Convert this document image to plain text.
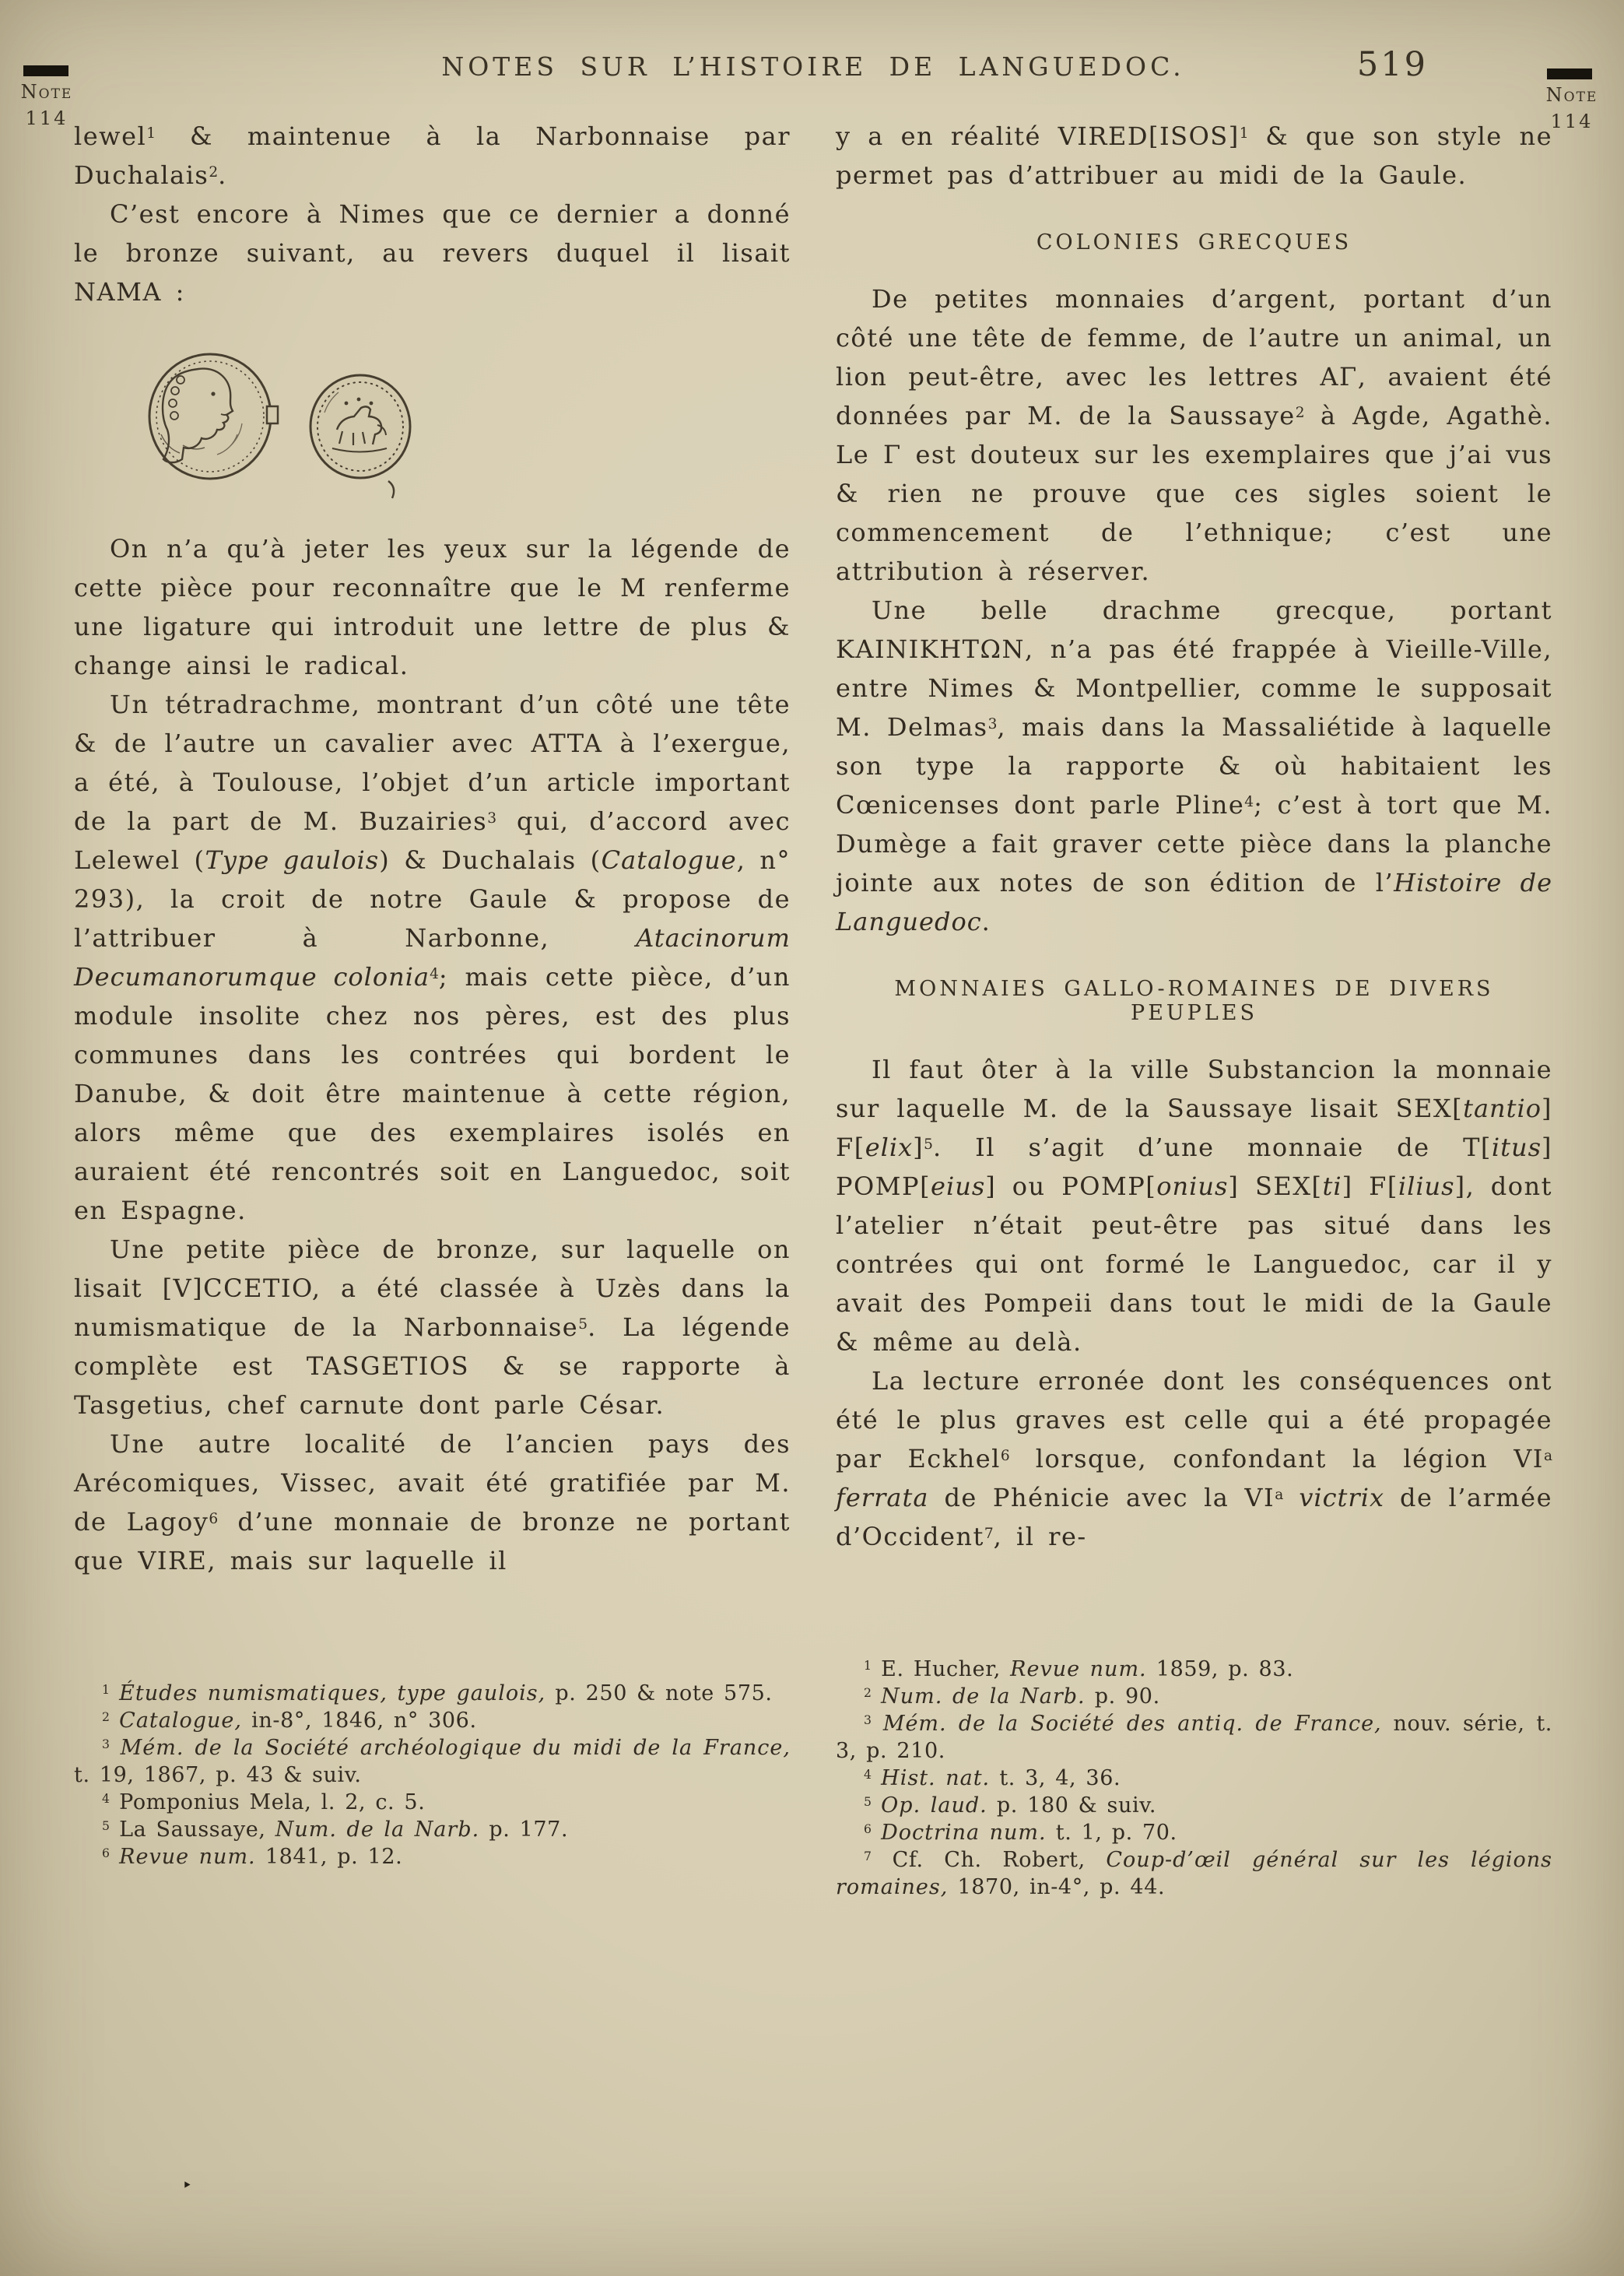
Note
114
Note
114
NOTES SUR L’HISTOIRE DE LANGUEDOC.	519

lewel$^1$ & maintenue à la Narbonnaise par Duchalais$^2$.

C’est encore à Nimes que ce dernier a donné le bronze suivant, au revers duquel il lisait NAMA :

On n’a qu’à jeter les yeux sur la légende de cette pièce pour reconnaître que le M renferme une ligature qui introduit une lettre de plus & change ainsi le radical.

Un tétradrachme, montrant d’un côté une tête & de l’autre un cavalier avec ATTA à l’exergue, a été, à Toulouse, l’objet d’un article important de la part de M. Buzairies$^3$ qui, d’accord avec Lelewel (Type gaulois) & Duchalais (Catalogue, n° 293), la croit de notre Gaule & propose de l’attribuer à Narbonne, Atacinorum Decumanorumque colonia$^4$; mais cette pièce, d’un module insolite chez nos pères, est des plus communes dans les contrées qui bordent le Danube, & doit être maintenue à cette région, alors même que des exemplaires isolés en auraient été rencontrés soit en Languedoc, soit en Espagne.

Une petite pièce de bronze, sur laquelle on lisait [V]CCETIO, a été classée à Uzès dans la numismatique de la Narbonnaise$^5$. La légende complète est TASGETIOS & se rapporte à Tasgetius, chef carnute dont parle César.

Une autre localité de l’ancien pays des Arécomiques, Vissec, avait été gratifiée par M. de Lagoy$^6$ d’une monnaie de bronze ne portant que VIRE, mais sur laquelle il

$^1$ Études numismatiques, type gaulois, p. 250 & note 575.

$^2$ Catalogue, in-8°, 1846, n° 306.

$^3$ Mém. de la Société archéologique du midi de la France, t. 19, 1867, p. 43 & suiv.

$^4$ Pomponius Mela, l. 2, c. 5.

$^5$ La Saussaye, Num. de la Narb. p. 177.

$^6$ Revue num. 1841, p. 12.

y a en réalité VIRED[ISOS]$^1$ & que son style ne permet pas d’attribuer au midi de la Gaule.

COLONIES GRECQUES

De petites monnaies d’argent, portant d’un côté une tête de femme, de l’autre un animal, un lion peut-être, avec les lettres ΑΓ, avaient été données par M. de la Saussaye$^2$ à Agde, Agathè. Le Γ est douteux sur les exemplaires que j’ai vus & rien ne prouve que ces sigles soient le commencement de l’ethnique; c’est une attribution à réserver.

Une belle drachme grecque, portant ΚΑΙΝΙΚΗΤΩΝ, n’a pas été frappée à Vieille-Ville, entre Nimes & Montpellier, comme le supposait M. Delmas$^3$, mais dans la Massaliétide à laquelle son type la rapporte & où habitaient les Cœnicenses dont parle Pline$^4$; c’est à tort que M. Dumège a fait graver cette pièce dans la planche jointe aux notes de son édition de l’Histoire de Languedoc.

MONNAIES GALLO-ROMAINES DE DIVERS PEUPLES

Il faut ôter à la ville Substancion la monnaie sur laquelle M. de la Saussaye lisait SEX[tantio] F[elix]$^5$. Il s’agit d’une monnaie de T[itus] POMP[eius] ou POMP[onius] SEX[ti] F[ilius], dont l’atelier n’était peut-être pas situé dans les contrées qui ont formé le Languedoc, car il y avait des Pompeii dans tout le midi de la Gaule & même au delà.

La lecture erronée dont les conséquences ont été le plus graves est celle qui a été propagée par Eckhel$^6$ lorsque, confondant la légion $VI^a$ ferrata de Phénicie avec la $VI^a$ victrix de l’armée d’Occident$^7$, il re-

$^1$ E. Hucher, Revue num. 1859, p. 83.

$^2$ Num. de la Narb. p. 90.

$^3$ Mém. de la Société des antiq. de France, nouv. série, t. 3, p. 210.

$^4$ Hist. nat. t. 3, 4, 36.

$^5$ Op. laud. p. 180 & suiv.

$^6$ Doctrina num. t. 1, p. 70.

$^7$ Cf. Ch. Robert, Coup-d’œil général sur les légions romaines, 1870, in-4°, p. 44.

‣
